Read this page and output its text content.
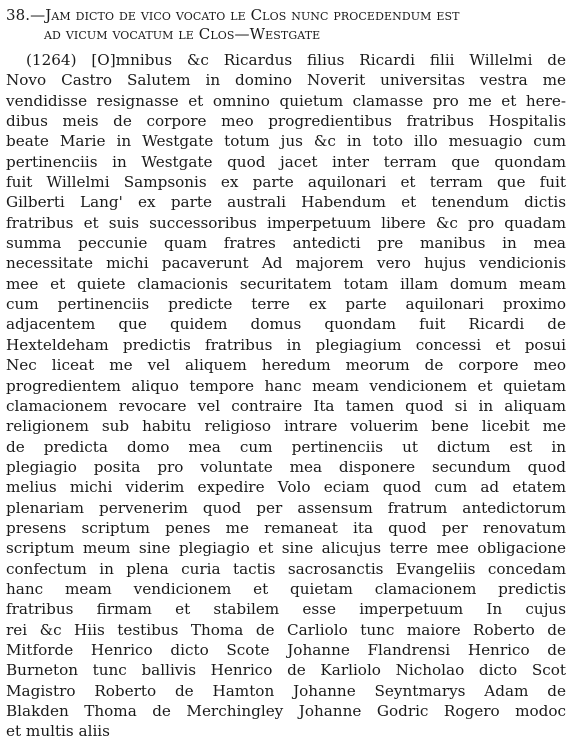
38.—Jam dicto de vico vocato le Clos nunc procedendum est
ad vicum vocatum le Clos—Westgate
(1264) [O]mnibus &c Ricardus filius Ricardi filii Willelmi de
Novo Castro Salutem in domino Noverit universitas vestra me
vendidisse resignasse et omnino quietum clamasse pro me et here-
dibus meis de corpore meo progredientibus fratribus Hospitalis
beate Marie in Westgate totum jus &c in toto illo mesuagio cum
pertinenciis in Westgate quod jacet inter terram que quondam
fuit Willelmi Sampsonis ex parte aquilonari et terram que fuit
Gilberti Lang' ex parte australi Habendum et tenendum dictis
fratribus et suis successoribus imperpetuum libere &c pro quadam
summa peccunie quam fratres antedicti pre manibus in mea
necessitate michi pacaverunt Ad majorem vero hujus vendicionis
mee et quiete clamacionis securitatem totam illam domum meam
cum pertinenciis predicte terre ex parte aquilonari proximo
adjacentem que quidem domus quondam fuit Ricardi de
Hexteldeham predictis fratribus in plegiagium concessi et posui
Nec liceat me vel aliquem heredum meorum de corpore meo
progredientem aliquo tempore hanc meam vendicionem et quietam
clamacionem revocare vel contraire Ita tamen quod si in aliquam
religionem sub habitu religioso intrare voluerim bene licebit me
de predicta domo mea cum pertinenciis ut dictum est in
plegiagio posita pro voluntate mea disponere secundum quod
melius michi viderim expedire Volo eciam quod cum ad etatem
plenariam pervenerim quod per assensum fratrum antedictorum
presens scriptum penes me remaneat ita quod per renovatum
scriptum meum sine plegiagio et sine alicujus terre mee obligacione
confectum in plena curia tactis sacrosanctis Evangeliis concedam
hanc meam vendicionem et quietam clamacionem predictis
fratribus firmam et stabilem esse imperpetuum In cujus
rei &c Hiis testibus Thoma de Carliolo tunc maiore Roberto de
Mitforde Henrico dicto Scote Johanne Flandrensi Henrico de
Burneton tunc ballivis Henrico de Karliolo Nicholao dicto Scot
Magistro Roberto de Hamton Johanne Seyntmarys Adam de
Blakden Thoma de Merchingley Johanne Godric Rogero modoc
et multis aliis
